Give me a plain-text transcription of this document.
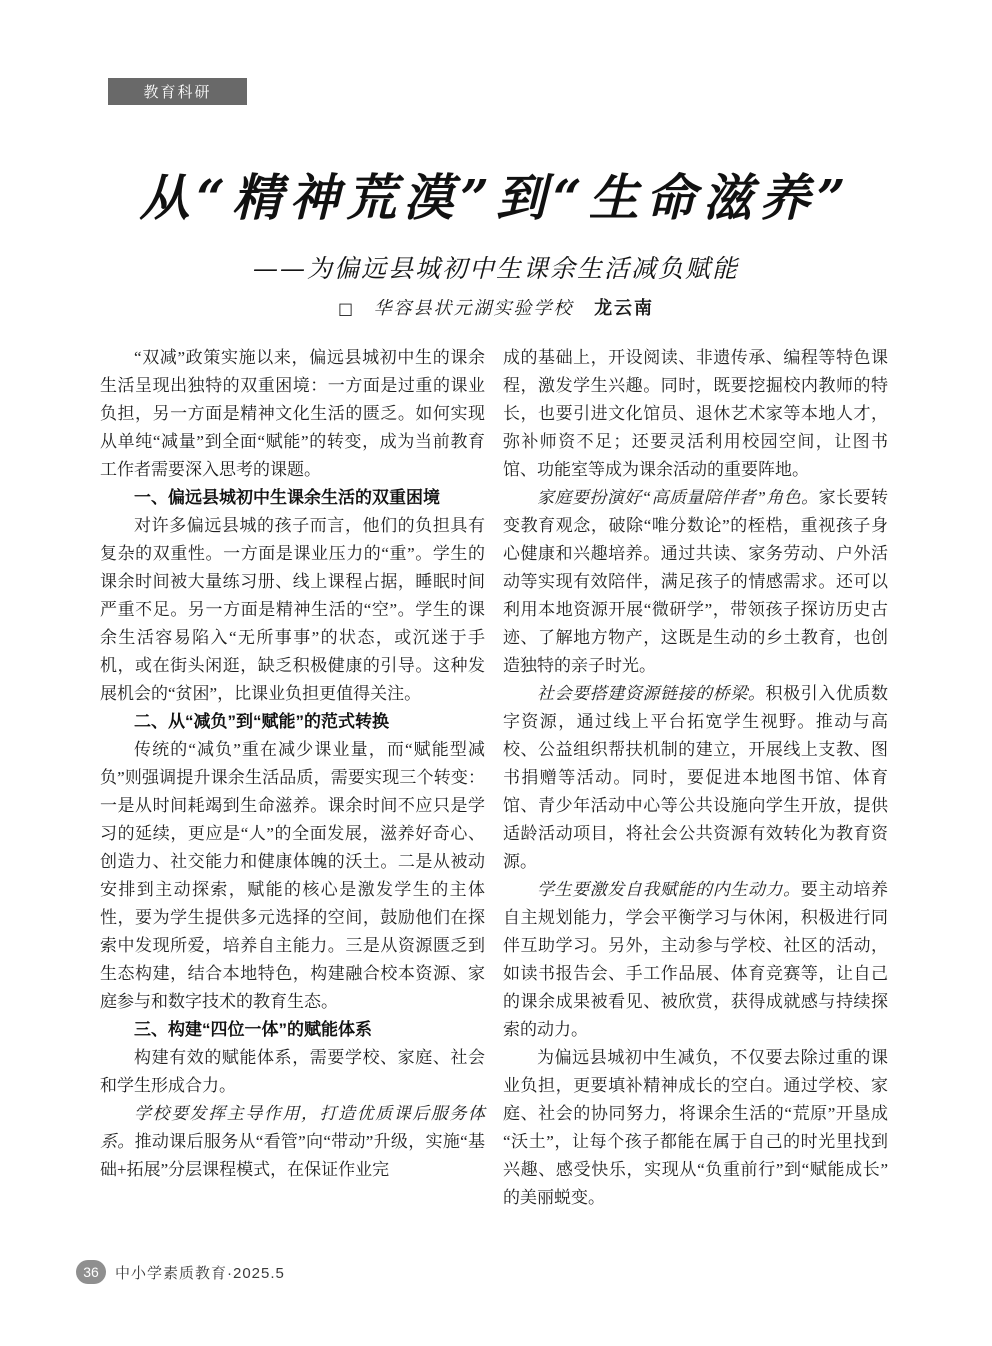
教育科研
从“精神荒漠”到“生命滋养”
——为偏远县城初中生课余生活减负赋能
□ 华容县状元湖实验学校 龙云南

“双减”政策实施以来，偏远县城初中生的课余生活呈现出独特的双重困境：一方面是过重的课业负担，另一方面是精神文化生活的匮乏。如何实现从单纯“减量”到全面“赋能”的转变，成为当前教育工作者需要深入思考的课题。

一、偏远县城初中生课余生活的双重困境

对许多偏远县城的孩子而言，他们的负担具有复杂的双重性。一方面是课业压力的“重”。学生的课余时间被大量练习册、线上课程占据，睡眠时间严重不足。另一方面是精神生活的“空”。学生的课余生活容易陷入“无所事事”的状态，或沉迷于手机，或在街头闲逛，缺乏积极健康的引导。这种发展机会的“贫困”，比课业负担更值得关注。

二、从“减负”到“赋能”的范式转换

传统的“减负”重在减少课业量，而“赋能型减负”则强调提升课余生活品质，需要实现三个转变：一是从时间耗竭到生命滋养。课余时间不应只是学习的延续，更应是“人”的全面发展，滋养好奇心、创造力、社交能力和健康体魄的沃土。二是从被动安排到主动探索，赋能的核心是激发学生的主体性，要为学生提供多元选择的空间，鼓励他们在探索中发现所爱，培养自主能力。三是从资源匮乏到生态构建，结合本地特色，构建融合校本资源、家庭参与和数字技术的教育生态。

三、构建“四位一体”的赋能体系

构建有效的赋能体系，需要学校、家庭、社会和学生形成合力。

学校要发挥主导作用，打造优质课后服务体系。推动课后服务从“看管”向“带动”升级，实施“基础+拓展”分层课程模式，在保证作业完

成的基础上，开设阅读、非遗传承、编程等特色课程，激发学生兴趣。同时，既要挖掘校内教师的特长，也要引进文化馆员、退休艺术家等本地人才，弥补师资不足；还要灵活利用校园空间，让图书馆、功能室等成为课余活动的重要阵地。

家庭要扮演好“高质量陪伴者”角色。家长要转变教育观念，破除“唯分数论”的桎梏，重视孩子身心健康和兴趣培养。通过共读、家务劳动、户外活动等实现有效陪伴，满足孩子的情感需求。还可以利用本地资源开展“微研学”，带领孩子探访历史古迹、了解地方物产，这既是生动的乡土教育，也创造独特的亲子时光。

社会要搭建资源链接的桥梁。积极引入优质数字资源，通过线上平台拓宽学生视野。推动与高校、公益组织帮扶机制的建立，开展线上支教、图书捐赠等活动。同时，要促进本地图书馆、体育馆、青少年活动中心等公共设施向学生开放，提供适龄活动项目，将社会公共资源有效转化为教育资源。

学生要激发自我赋能的内生动力。要主动培养自主规划能力，学会平衡学习与休闲，积极进行同伴互助学习。另外，主动参与学校、社区的活动，如读书报告会、手工作品展、体育竞赛等，让自己的课余成果被看见、被欣赏，获得成就感与持续探索的动力。

为偏远县城初中生减负，不仅要去除过重的课业负担，更要填补精神成长的空白。通过学校、家庭、社会的协同努力，将课余生活的“荒原”开垦成“沃土”，让每个孩子都能在属于自己的时光里找到兴趣、感受快乐，实现从“负重前行”到“赋能成长”的美丽蜕变。

36	中小学素质教育·2025.5
